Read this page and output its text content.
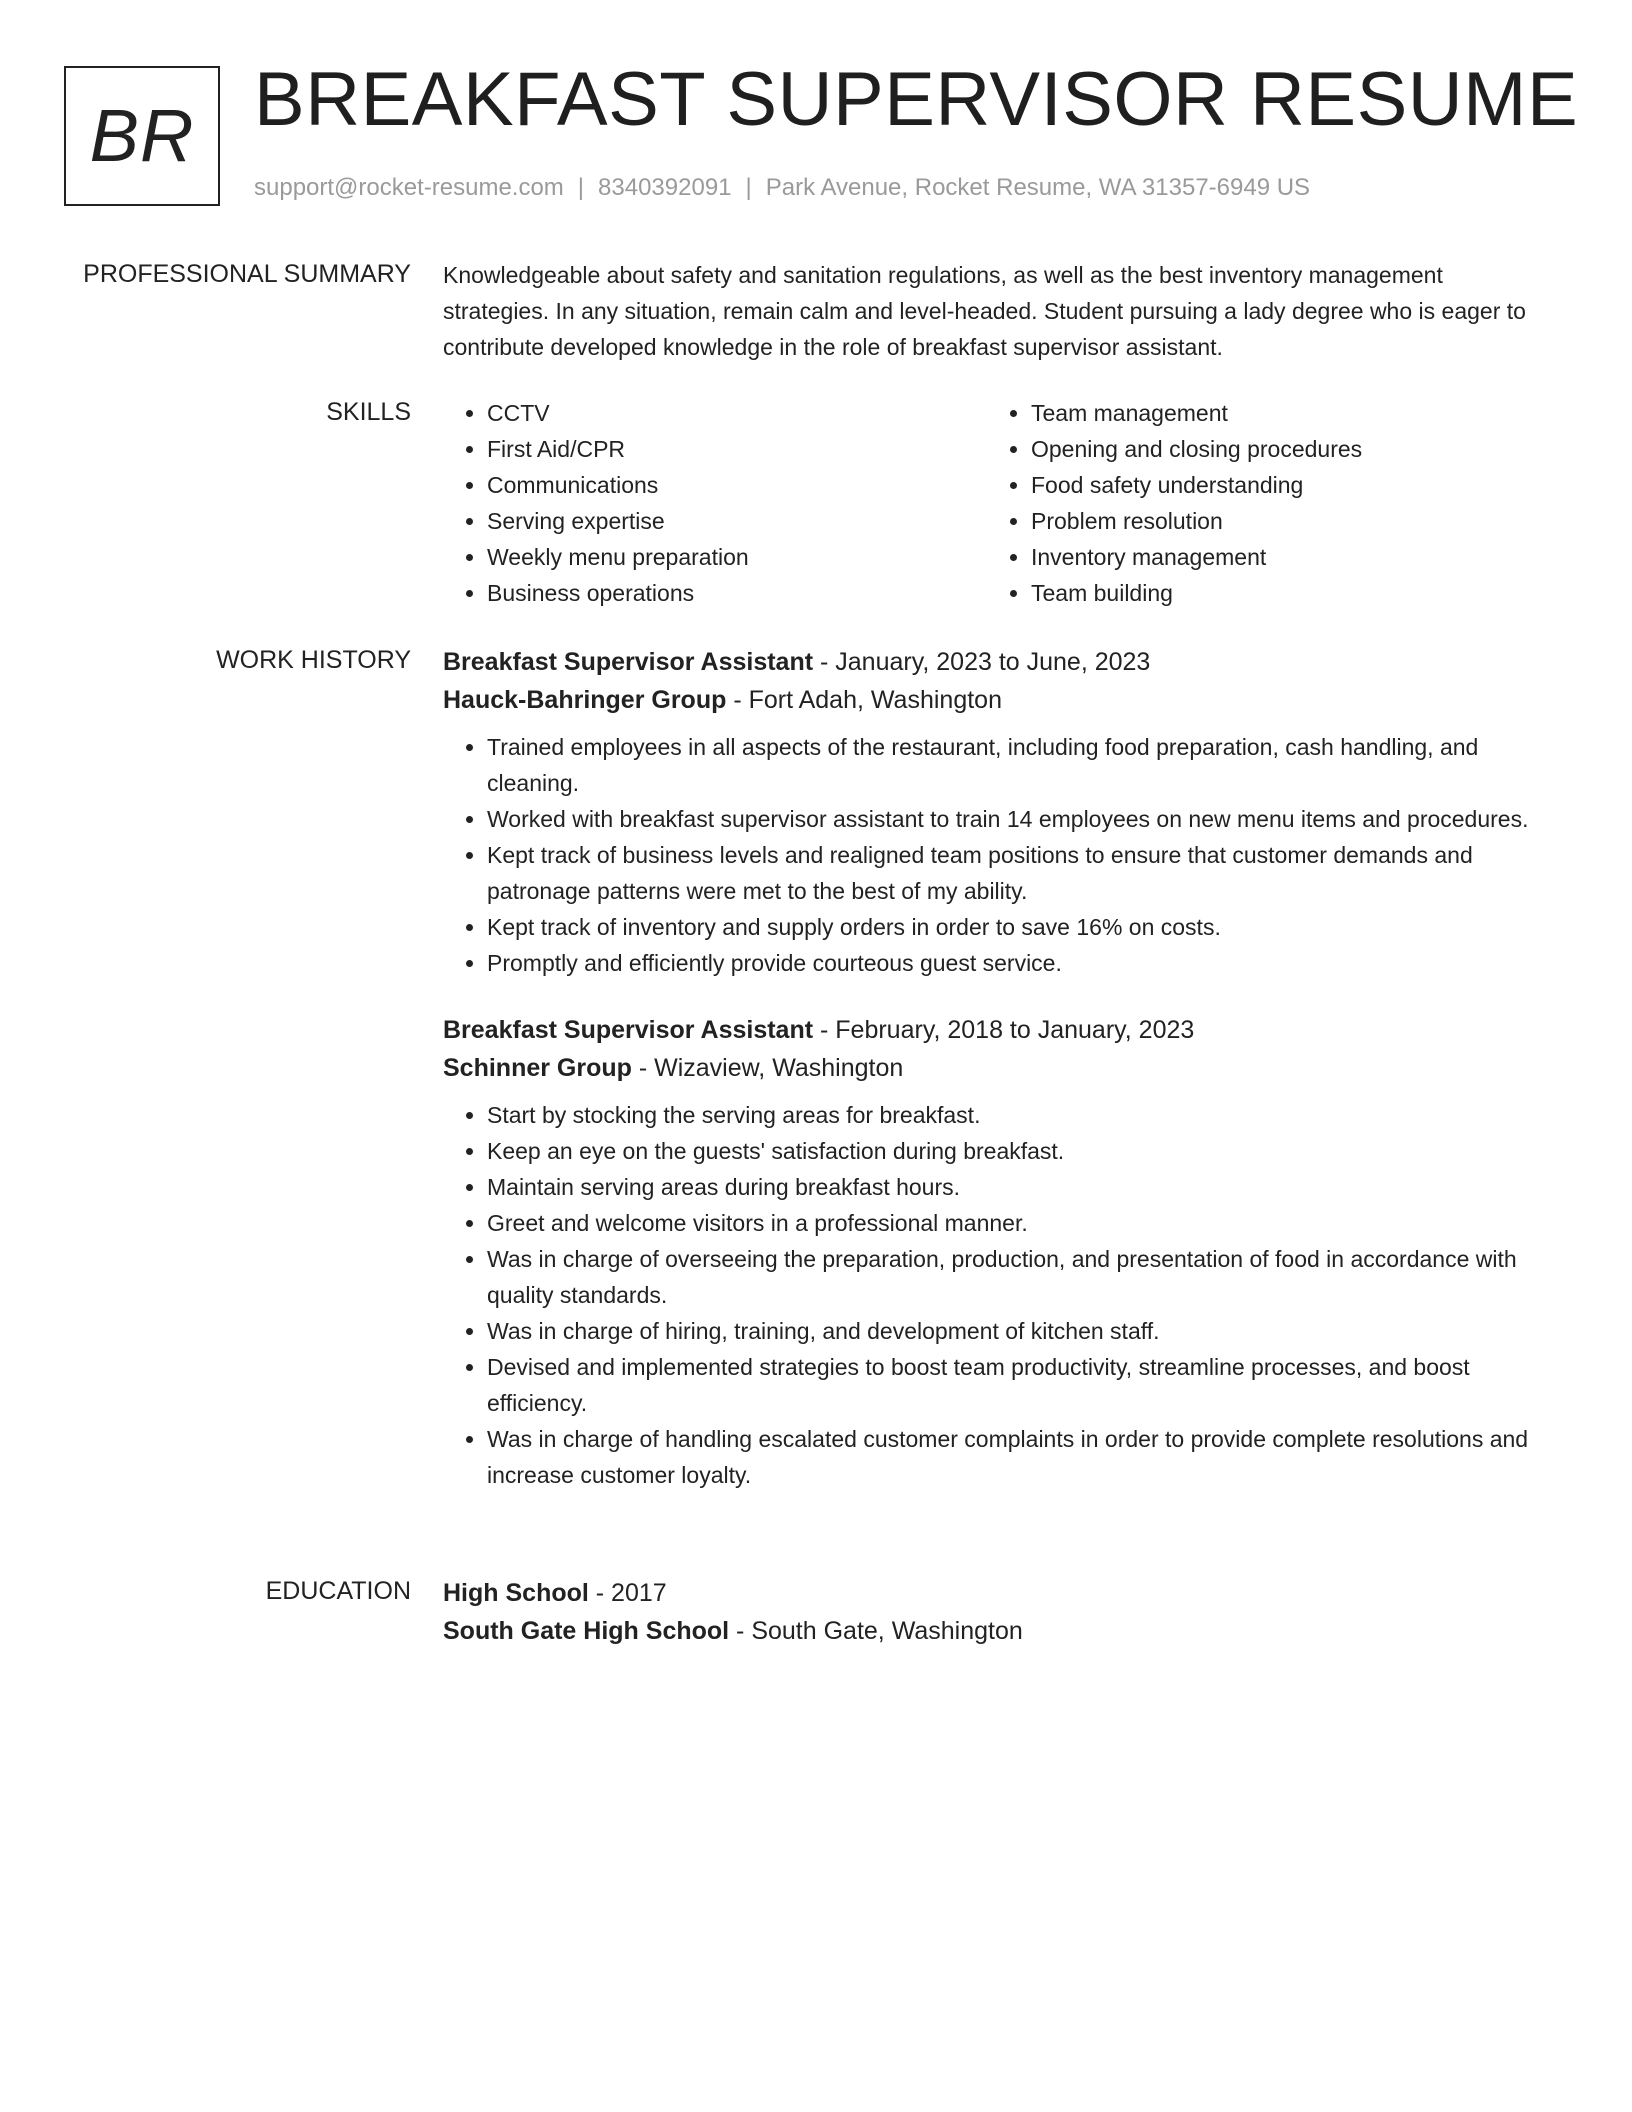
BR BREAKFAST SUPERVISOR RESUME
support@rocket-resume.com | 8340392091 | Park Avenue, Rocket Resume, WA 31357-6949 US
PROFESSIONAL SUMMARY Knowledgeable about safety and sanitation regulations, as well as the best inventory management strategies. In any situation, remain calm and level-headed. Student pursuing a lady degree who is eager to contribute developed knowledge in the role of breakfast supervisor assistant.
SKILLS
•	CCTV
• First Aid/CPR
• Communications
• Serving expertise
• Weekly menu preparation
• Business operations
• Team management
• Opening and closing procedures
• Food safety understanding
• Problem resolution
• Inventory management
• Team building
WORK HISTORY Breakfast Supervisor Assistant - January, 2023 to June, 2023
Hauck-Bahringer Group - Fort Adah, Washington
• Trained employees in all aspects of the restaurant, including food preparation, cash handling, and cleaning.
• Worked with breakfast supervisor assistant to train 14 employees on new menu items and procedures.
• Kept track of business levels and realigned team positions to ensure that customer demands and patronage patterns were met to the best of my ability.
• Kept track of inventory and supply orders in order to save 16% on costs.
• Promptly and efficiently provide courteous guest service.
Breakfast Supervisor Assistant - February, 2018 to January, 2023
Schinner Group - Wizaview, Washington
• Start by stocking the serving areas for breakfast.
• Keep an eye on the guests' satisfaction during breakfast.
• Maintain serving areas during breakfast hours.
• Greet and welcome visitors in a professional manner.
• Was in charge of overseeing the preparation, production, and presentation of food in accordance with quality standards.
• Was in charge of hiring, training, and development of kitchen staff.
• Devised and implemented strategies to boost team productivity, streamline processes, and boost efficiency.
• Was in charge of handling escalated customer complaints in order to provide complete resolutions and increase customer loyalty.
EDUCATION High School - 2017
South Gate High School - South Gate, Washington
